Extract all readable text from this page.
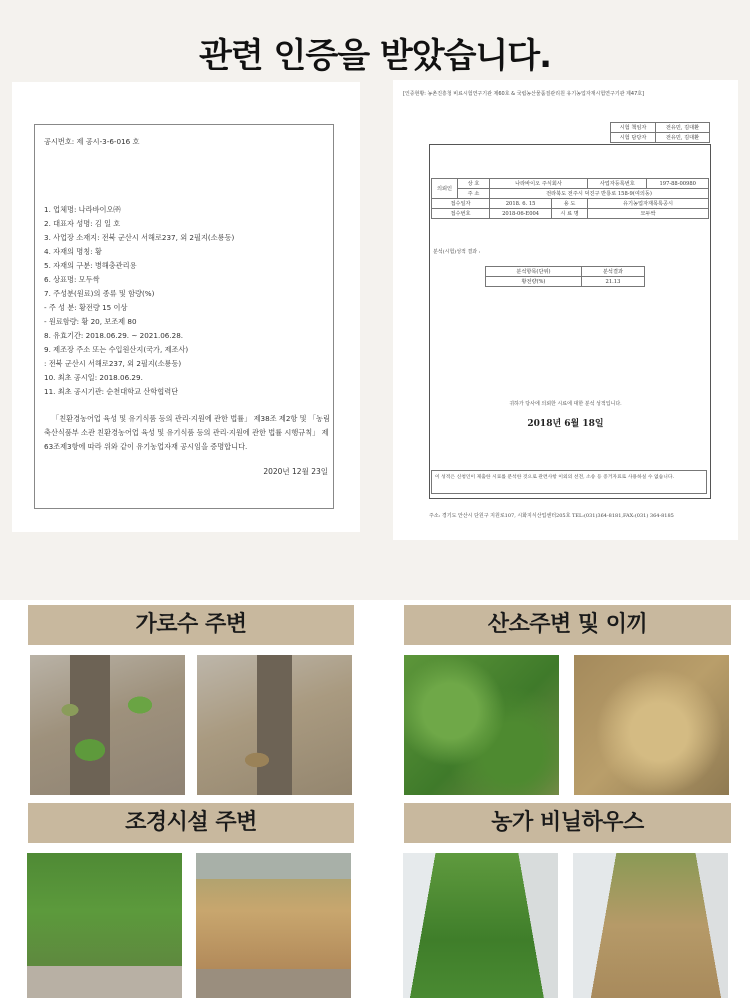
관련 인증을 받았습니다.
공시번호: 제 공시-3-6-016 호
1. 업체명: 나라바이오㈜
2. 대표자 성명: 김 일 호
3. 사업장 소재지: 전북 군산시 서해로237, 외 2필지(소룡동)
4. 자재의 명칭: 황
5. 자재의 구분: 병해충관리용
6. 상표명: 모두싹
7. 주성분(원료)의 종류 및 함량(%)
- 주 성 분: 황전량 15 이상
- 원료함량: 황 20, 보조제 80
8. 유효기간: 2018.06.29. ~ 2021.06.28.
9. 제조장 주소 또는 수입원산지(국가, 제조사)
: 전북 군산시 서해로237, 외 2필지(소룡동)
10. 최초 공시일: 2018.06.29.
11. 최초 공시기관: 순천대학교 산학협력단
「친환경농어업 육성 및 유기식품 등의 관리·지원에 관한 법률」 제38조 제2항 및 「농림축산식품부 소관 친환경농어업 육성 및 유기식품 등의 관리·지원에 관한 법률 시행규칙」 제63조제3항에 따라 위와 같이 유기농업자재 공시임을 증명합니다.
2020년 12월 23일
[인증현황: 농촌진흥청 비료시험연구기관 제60호 & 국립농산물품질관리원 유기농업자재시험연구기관 제47호]
시험 책임자	전유민, 김대환
시험 담당자	전유민, 김대환
의뢰인	상 호	나라바이오 주식회사		사업자등록번호	197-88-00980
	주 소	전라북도 전주시 덕진구 반룡로 158-9(여의동)			
접수일자		2018. 6. 15	용 도	유기농업자재목록공시	
접수번호		2018-06-E004	시 료 명	모두싹	
분석(시험)성적 결과 :
분석항목(단위)	분석결과
황전량(%)	21.13
귀하가 당사에 의뢰한 시료에 대한 분석 성적입니다.
2018년 6월 18일
이 성적은 신청인이 제출한 시료를 분석한 것으로 관련사항 이외의 선전, 소송 등 증거자료로 사용하실 수 없습니다.
주소: 경기도 안산시 단원구 지원로107, 시화지식산업센터205호 TEL:(031)364-8181,FAX:(031) 364-8185
가로수 주변	산소주변 및 이끼
조경시설 주변	농가 비닐하우스
